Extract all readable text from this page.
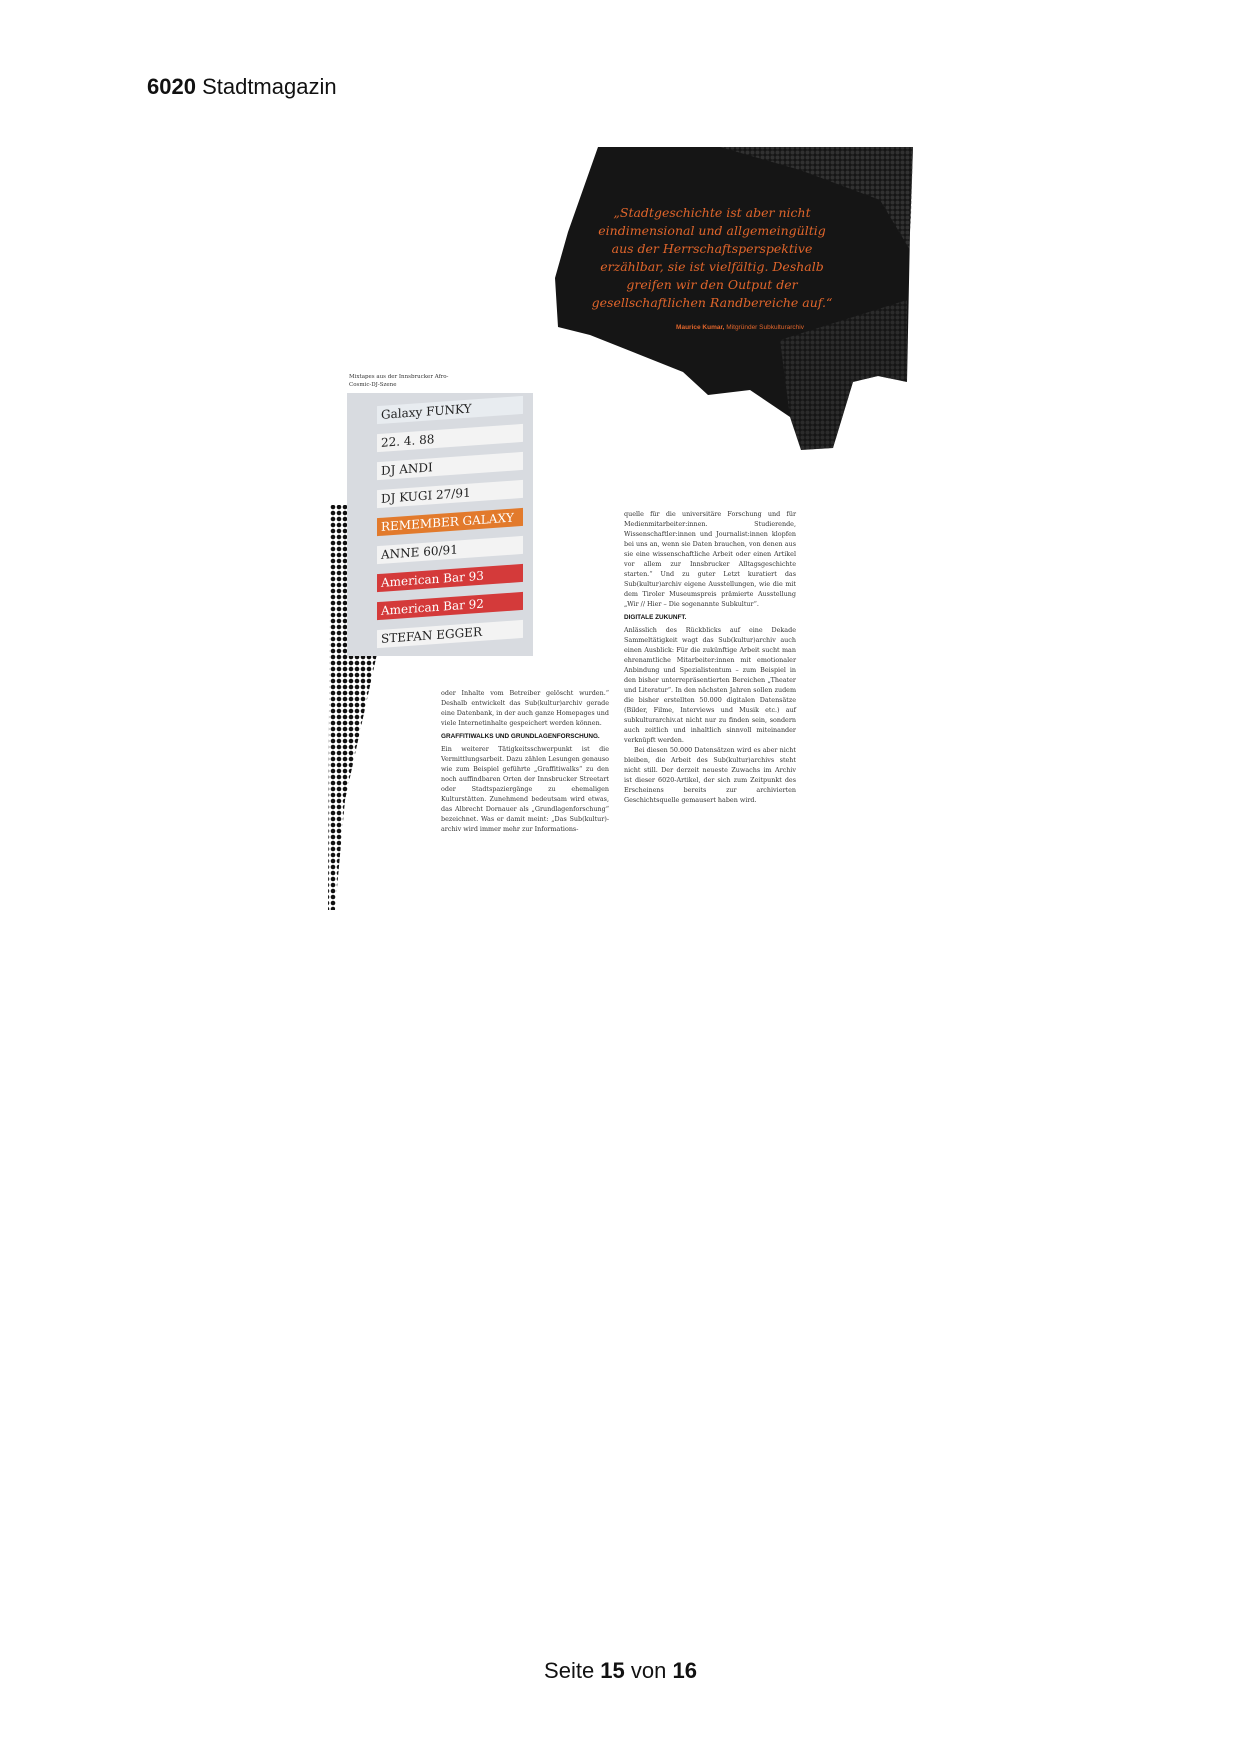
6020 Stadtmagazin
„Stadtgeschichte ist aber nicht eindimensional und allgemeingültig aus der Herrschaftsperspektive erzählbar, sie ist vielfältig. Deshalb greifen wir den Output der gesellschaftlichen Randbereiche auf.“
Maurice Kumar, Mitgründer Subkulturarchiv
Mixtapes aus der Innsbrucker Afro-Cosmic-DJ-Szene
Galaxy FUNKY
22. 4. 88
DJ ANDI
DJ KUGI 27/91
REMEMBER GALAXY
ANNE 60/91
American Bar 93
American Bar 92
STEFAN EGGER

oder Inhalte vom Betreiber gelöscht wurden.“ Deshalb entwickelt das Sub(kultur)archiv gerade eine Datenbank, in der auch ganze Homepages und viele Internetinhalte gespeichert werden können.

GRAFFITIWALKS UND GRUNDLAGENFORSCHUNG.

Ein weiterer Tätigkeitsschwerpunkt ist die Vermittlungsarbeit. Dazu zählen Lesungen genauso wie zum Beispiel geführte „Graffitiwalks“ zu den noch auffindbaren Orten der Innsbrucker Streetart oder Stadtspaziergänge zu ehemaligen Kulturstätten. Zunehmend bedeutsam wird etwas, das Albrecht Dornauer als „Grundlagenforschung“ bezeichnet. Was er damit meint: „Das Sub(kultur)-archiv wird immer mehr zur Informations-

quelle für die universitäre Forschung und für Medienmitarbeiter:innen. Studierende, Wissenschaftler:innen und Journalist:innen klopfen bei uns an, wenn sie Daten brauchen, von denen aus sie eine wissenschaftliche Arbeit oder einen Artikel vor allem zur Innsbrucker Alltagsgeschichte starten.“ Und zu guter Letzt kuratiert das Sub(kultur)archiv eigene Ausstellungen, wie die mit dem Tiroler Museumspreis prämierte Ausstellung „Wir // Hier – Die sogenannte Subkultur“.

DIGITALE ZUKUNFT.

Anlässlich des Rückblicks auf eine Dekade Sammeltätigkeit wagt das Sub(kultur)archiv auch einen Ausblick: Für die zukünftige Arbeit sucht man ehrenamtliche Mitarbeiter:innen mit emotionaler Anbindung und Spezialistentum – zum Beispiel in den bisher unterrepräsentierten Bereichen „Theater und Literatur“. In den nächsten Jahren sollen zudem die bisher erstellten 50.000 digitalen Datensätze (Bilder, Filme, Interviews und Musik etc.) auf subkulturarchiv.at nicht nur zu finden sein, sondern auch zeitlich und inhaltlich sinnvoll miteinander verknüpft werden.

Bei diesen 50.000 Datensätzen wird es aber nicht bleiben, die Arbeit des Sub(kultur)archivs steht nicht still. Der derzeit neueste Zuwachs im Archiv ist dieser 6020-Artikel, der sich zum Zeitpunkt des Erscheinens bereits zur archivierten Geschichtsquelle gemausert haben wird.

Seite 15 von 16
